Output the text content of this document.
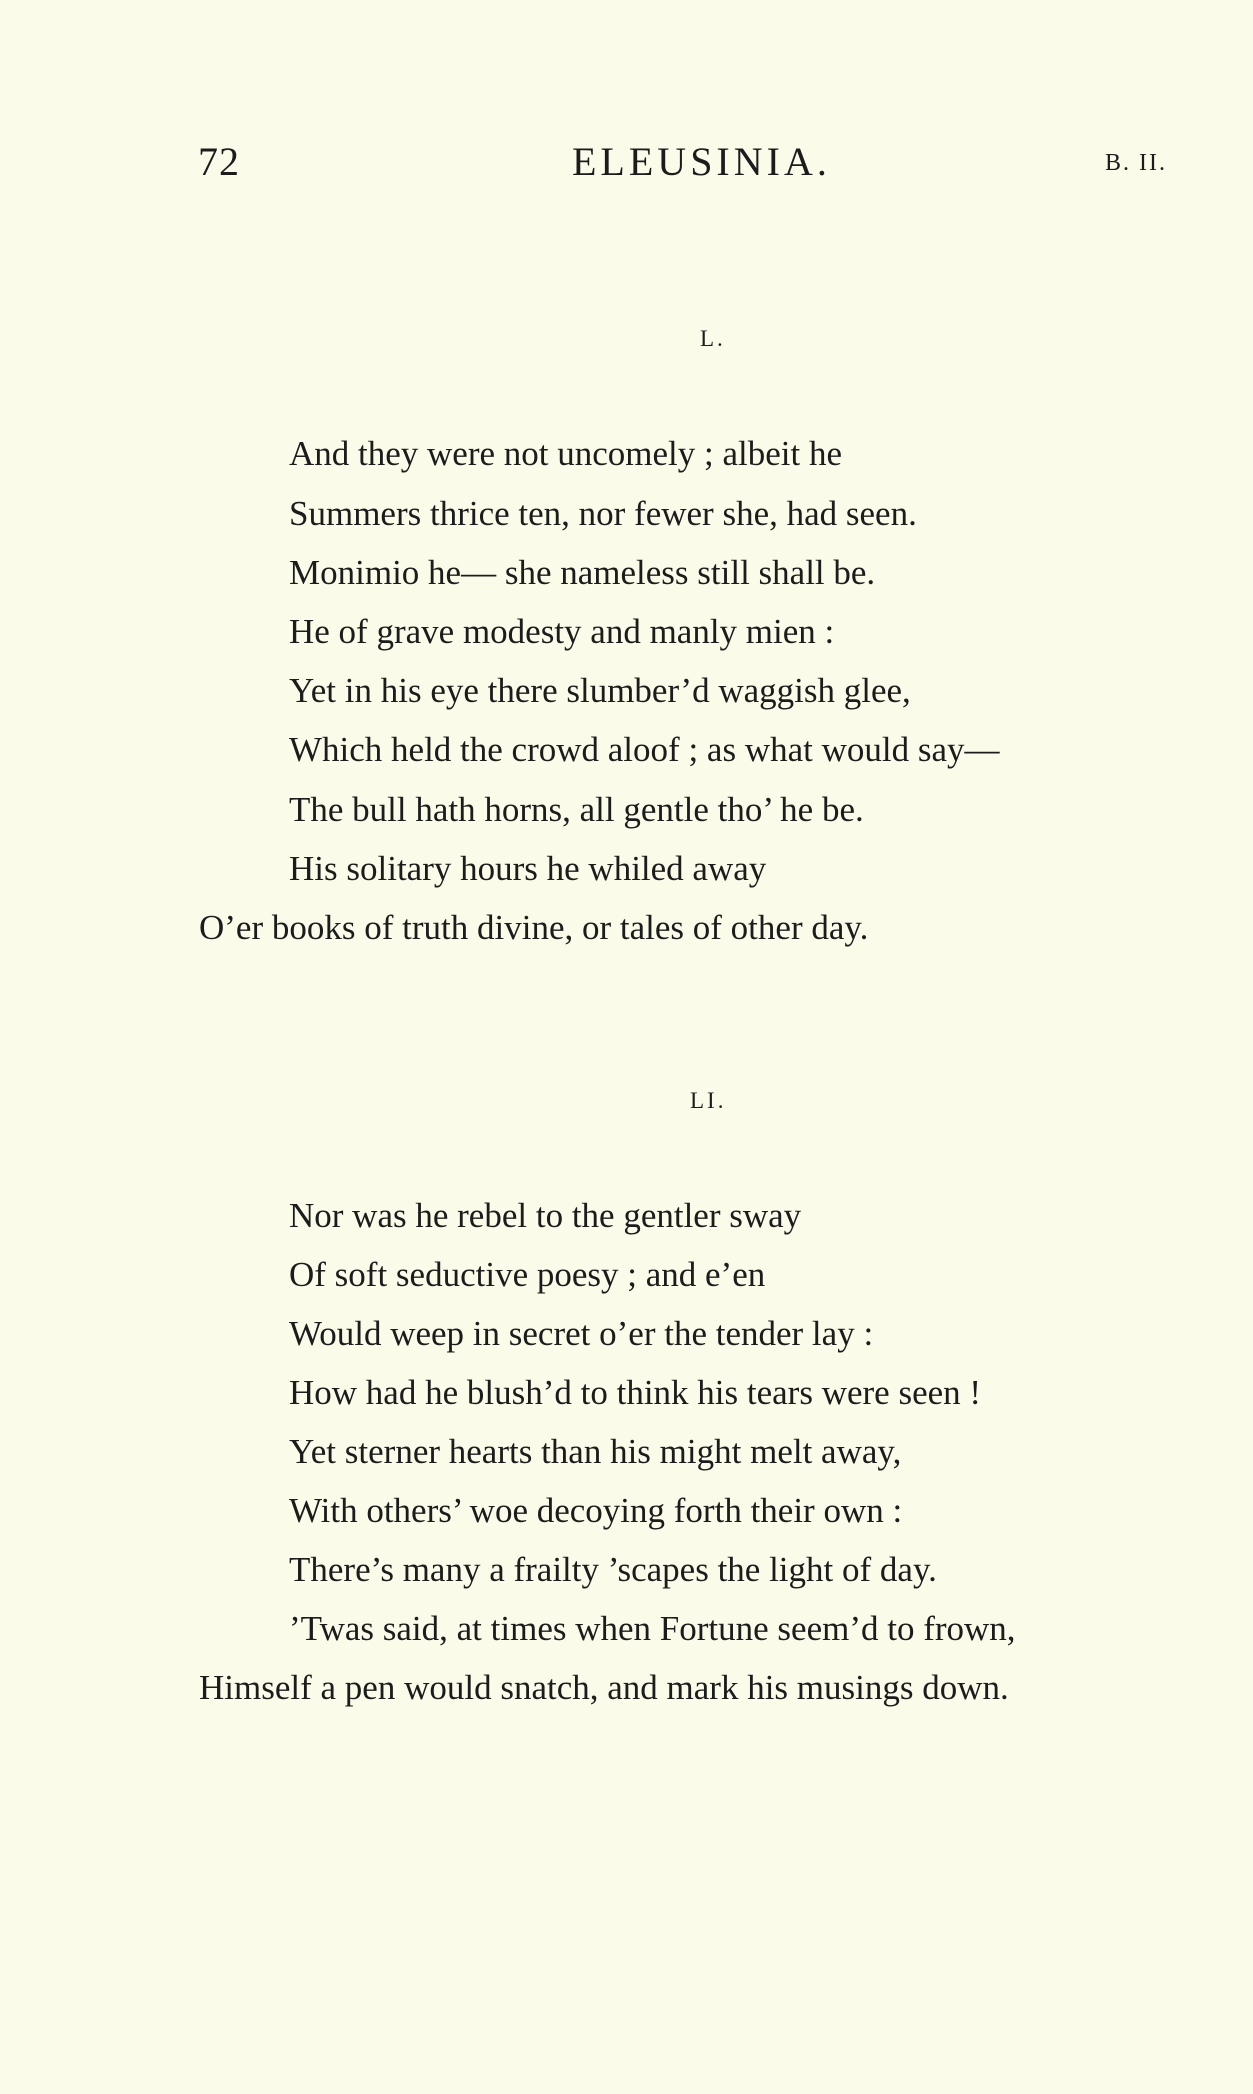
72	ELEUSINIA.	B. II.
L.
And they were not uncomely ; albeit he
Summers thrice ten, nor fewer she, had seen.
Monimio he— she nameless still shall be.
He of grave modesty and manly mien :
Yet in his eye there slumber’d waggish glee,
Which held the crowd aloof ; as what would say—
The bull hath horns, all gentle tho’ he be.
His solitary hours he whiled away
O’er books of truth divine, or tales of other day.
LI.
Nor was he rebel to the gentler sway
Of soft seductive poesy ; and e’en
Would weep in secret o’er the tender lay :
How had he blush’d to think his tears were seen !
Yet sterner hearts than his might melt away,
With others’ woe decoying forth their own :
There’s many a frailty ’scapes the light of day.
’Twas said, at times when Fortune seem’d to frown,
Himself a pen would snatch, and mark his musings down.
